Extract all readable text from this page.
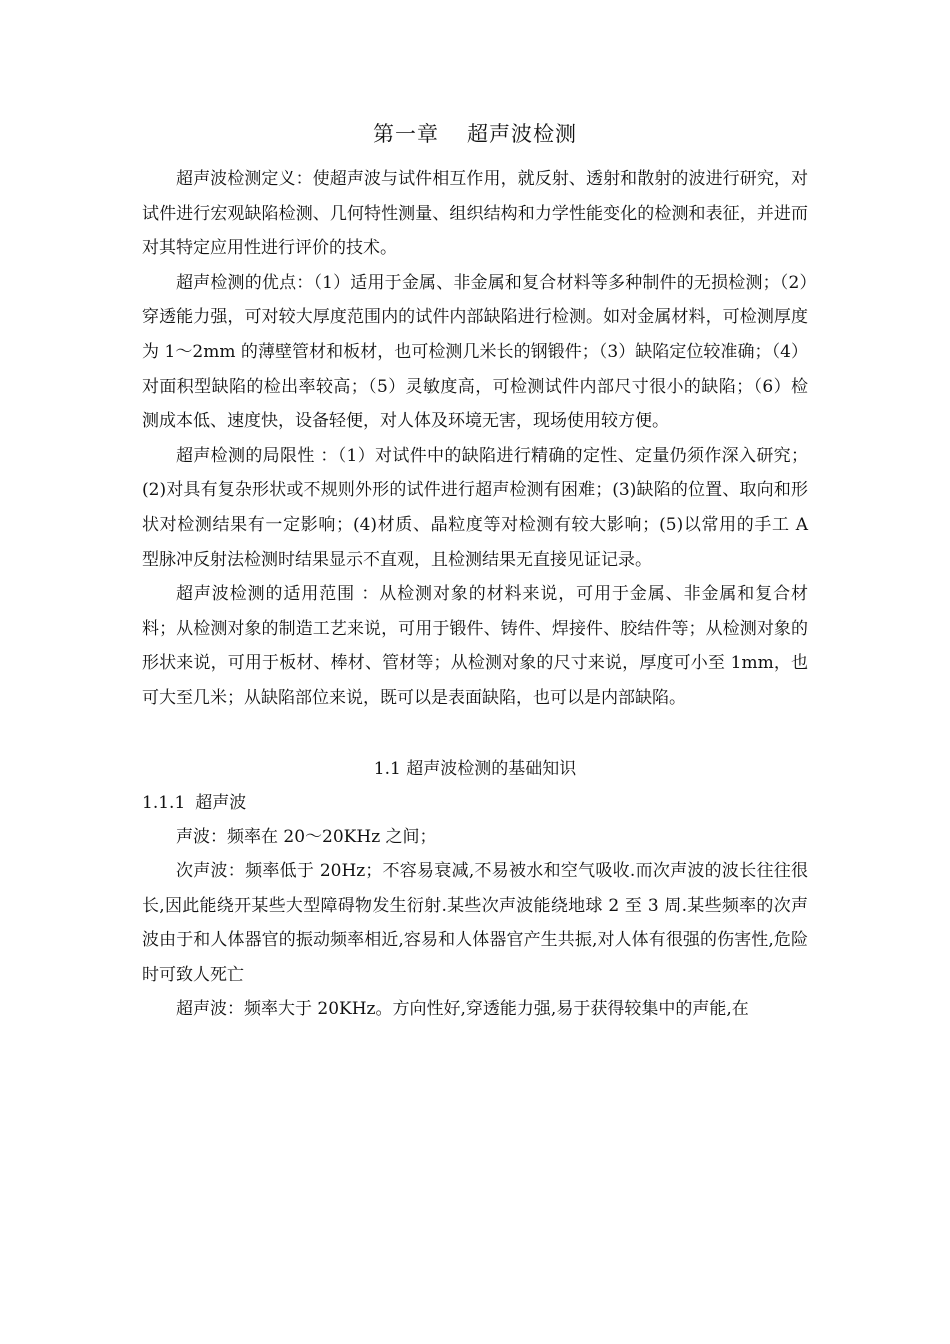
第一章 超声波检测

超声波检测定义：使超声波与试件相互作用，就反射、透射和散射的波进行研究，对试件进行宏观缺陷检测、几何特性测量、组织结构和力学性能变化的检测和表征，并进而对其特定应用性进行评价的技术。

超声检测的优点：（1）适用于金属、非金属和复合材料等多种制件的无损检测；（2）穿透能力强，可对较大厚度范围内的试件内部缺陷进行检测。如对金属材料，可检测厚度为 1～2mm 的薄壁管材和板材，也可检测几米长的钢锻件；（3）缺陷定位较准确；（4）对面积型缺陷的检出率较高；（5）灵敏度高，可检测试件内部尺寸很小的缺陷；（6）检测成本低、速度快，设备轻便，对人体及环境无害，现场使用较方便。

超声检测的局限性 ：（1）对试件中的缺陷进行精确的定性、定量仍须作深入研究；(2)对具有复杂形状或不规则外形的试件进行超声检测有困难；(3)缺陷的位置、取向和形状对检测结果有一定影响；(4)材质、晶粒度等对检测有较大影响；(5)以常用的手工 A 型脉冲反射法检测时结果显示不直观，且检测结果无直接见证记录。

超声波检测的适用范围 ：从检测对象的材料来说，可用于金属、非金属和复合材料；从检测对象的制造工艺来说，可用于锻件、铸件、焊接件、胶结件等；从检测对象的形状来说，可用于板材、棒材、管材等；从检测对象的尺寸来说，厚度可小至 1mm，也可大至几米；从缺陷部位来说，既可以是表面缺陷，也可以是内部缺陷。

1.1 超声波检测的基础知识
1.1.1 超声波

声波：频率在 20～20KHz 之间；

次声波：频率低于 20Hz；不容易衰减,不易被水和空气吸收.而次声波的波长往往很长,因此能绕开某些大型障碍物发生衍射.某些次声波能绕地球 2 至 3 周.某些频率的次声波由于和人体器官的振动频率相近,容易和人体器官产生共振,对人体有很强的伤害性,危险时可致人死亡

超声波：频率大于 20KHz。方向性好,穿透能力强,易于获得较集中的声能,在
